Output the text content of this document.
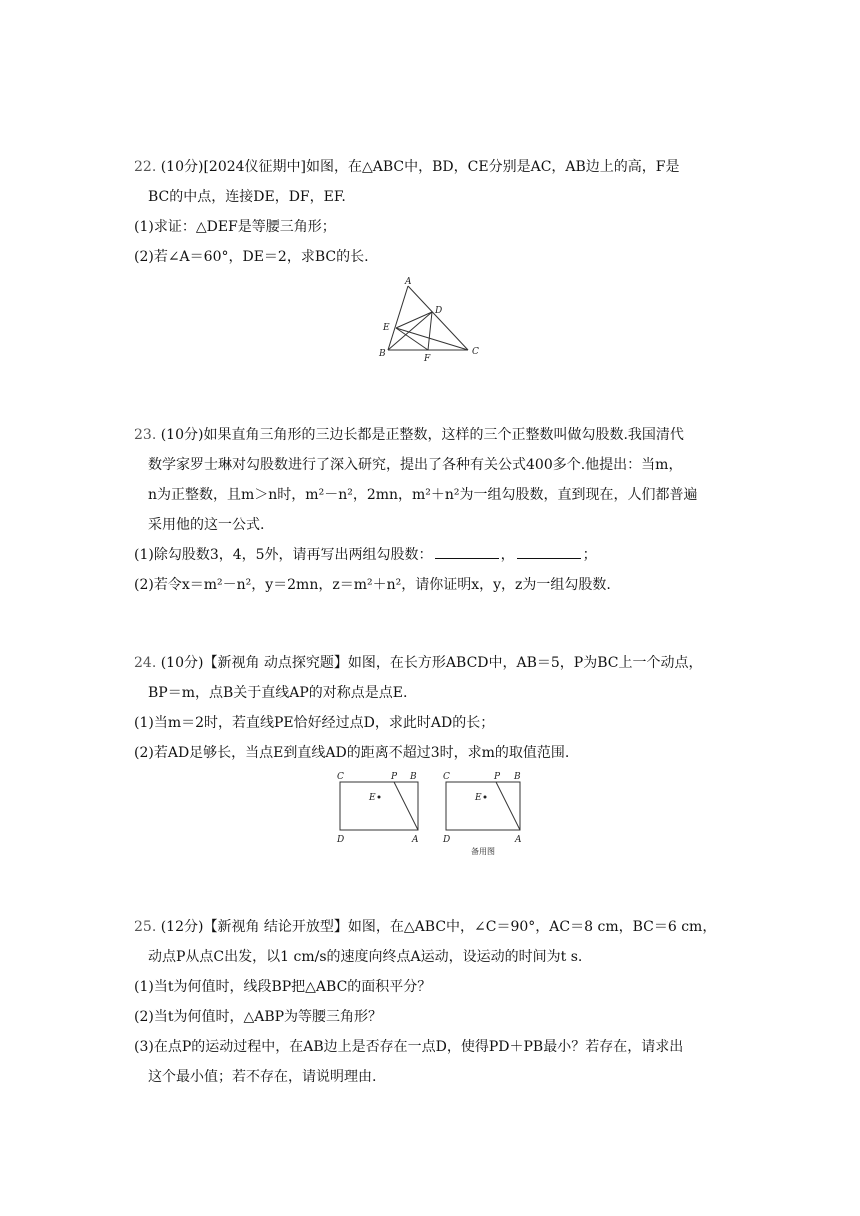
22. (10分)[2024仪征期中]如图，在△ABC中，BD，CE分别是AC，AB边上的高，F是
BC的中点，连接DE，DF，EF.
(1)求证：△DEF是等腰三角形；
(2)若∠A＝60°，DE＝2，求BC的长.
A
D
E
B	F
C
23. (10分)如果直角三角形的三边长都是正整数，这样的三个正整数叫做勾股数.我国清代
数学家罗士琳对勾股数进行了深入研究，提出了各种有关公式400多个.他提出：当m，
n为正整数，且m＞n时，m²－n²，2mn，m²＋n²为一组勾股数，直到现在，人们都普遍
采用他的这一公式.
(1)除勾股数3，4，5外，请再写出两组勾股数：	，	；
(2)若令x＝m²－n²，y＝2mn，z＝m²＋n²，请你证明x，y，z为一组勾股数.
24. (10分)【新视角 动点探究题】如图，在长方形ABCD中，AB＝5，P为BC上一个动点，
BP＝m，点B关于直线AP的对称点是点E.
(1)当m＝2时，若直线PE恰好经过点D，求此时AD的长；
(2)若AD足够长，当点E到直线AD的距离不超过3时，求m的取值范围.
C	P B
E
D	A
C	P B
E
D	A
备用图
25. (12分)【新视角 结论开放型】如图，在△ABC中，∠C＝90°，AC＝8 cm，BC＝6 cm，
动点P从点C出发，以1 cm/s的速度向终点A运动，设运动的时间为t s.
(1)当t为何值时，线段BP把△ABC的面积平分？
(2)当t为何值时，△ABP为等腰三角形？
(3)在点P的运动过程中，在AB边上是否存在一点D，使得PD＋PB最小？若存在，请求出
这个最小值；若不存在，请说明理由.
